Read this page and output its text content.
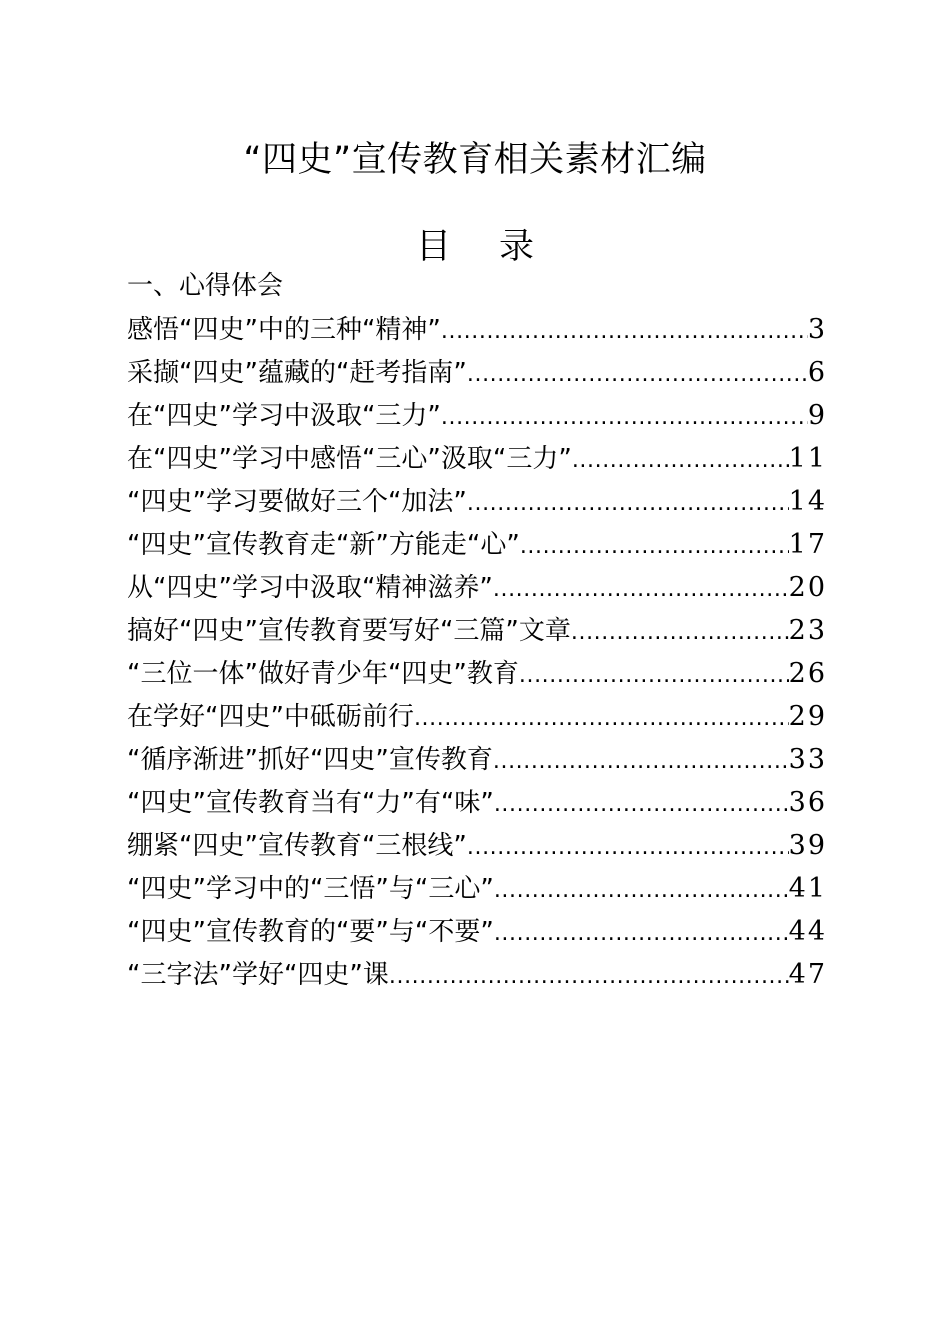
“四史”宣传教育相关素材汇编
目 录
一、心得体会
感悟“四史”中的三种“精神” .....	3
采撷“四史”蕴藏的“赶考指南” .....	6
在“四史”学习中汲取“三力” .....	9
在“四史”学习中感悟“三心”汲取“三力” .....	11
“四史”学习要做好三个“加法” .....	14
“四史”宣传教育走“新”方能走“心” .....	17
从“四史”学习中汲取“精神滋养” .....	20
搞好“四史”宣传教育要写好“三篇”文章 .....	23
“三位一体”做好青少年“四史”教育 .....	26
在学好“四史”中砥砺前行 .....	29
“循序渐进”抓好“四史”宣传教育 .....	33
“四史”宣传教育当有“力”有“味” .....	36
绷紧“四史”宣传教育“三根线” .....	39
“四史”学习中的“三悟”与“三心” .....	41
“四史”宣传教育的“要”与“不要” .....	44
“三字法”学好“四史”课 .....	47
